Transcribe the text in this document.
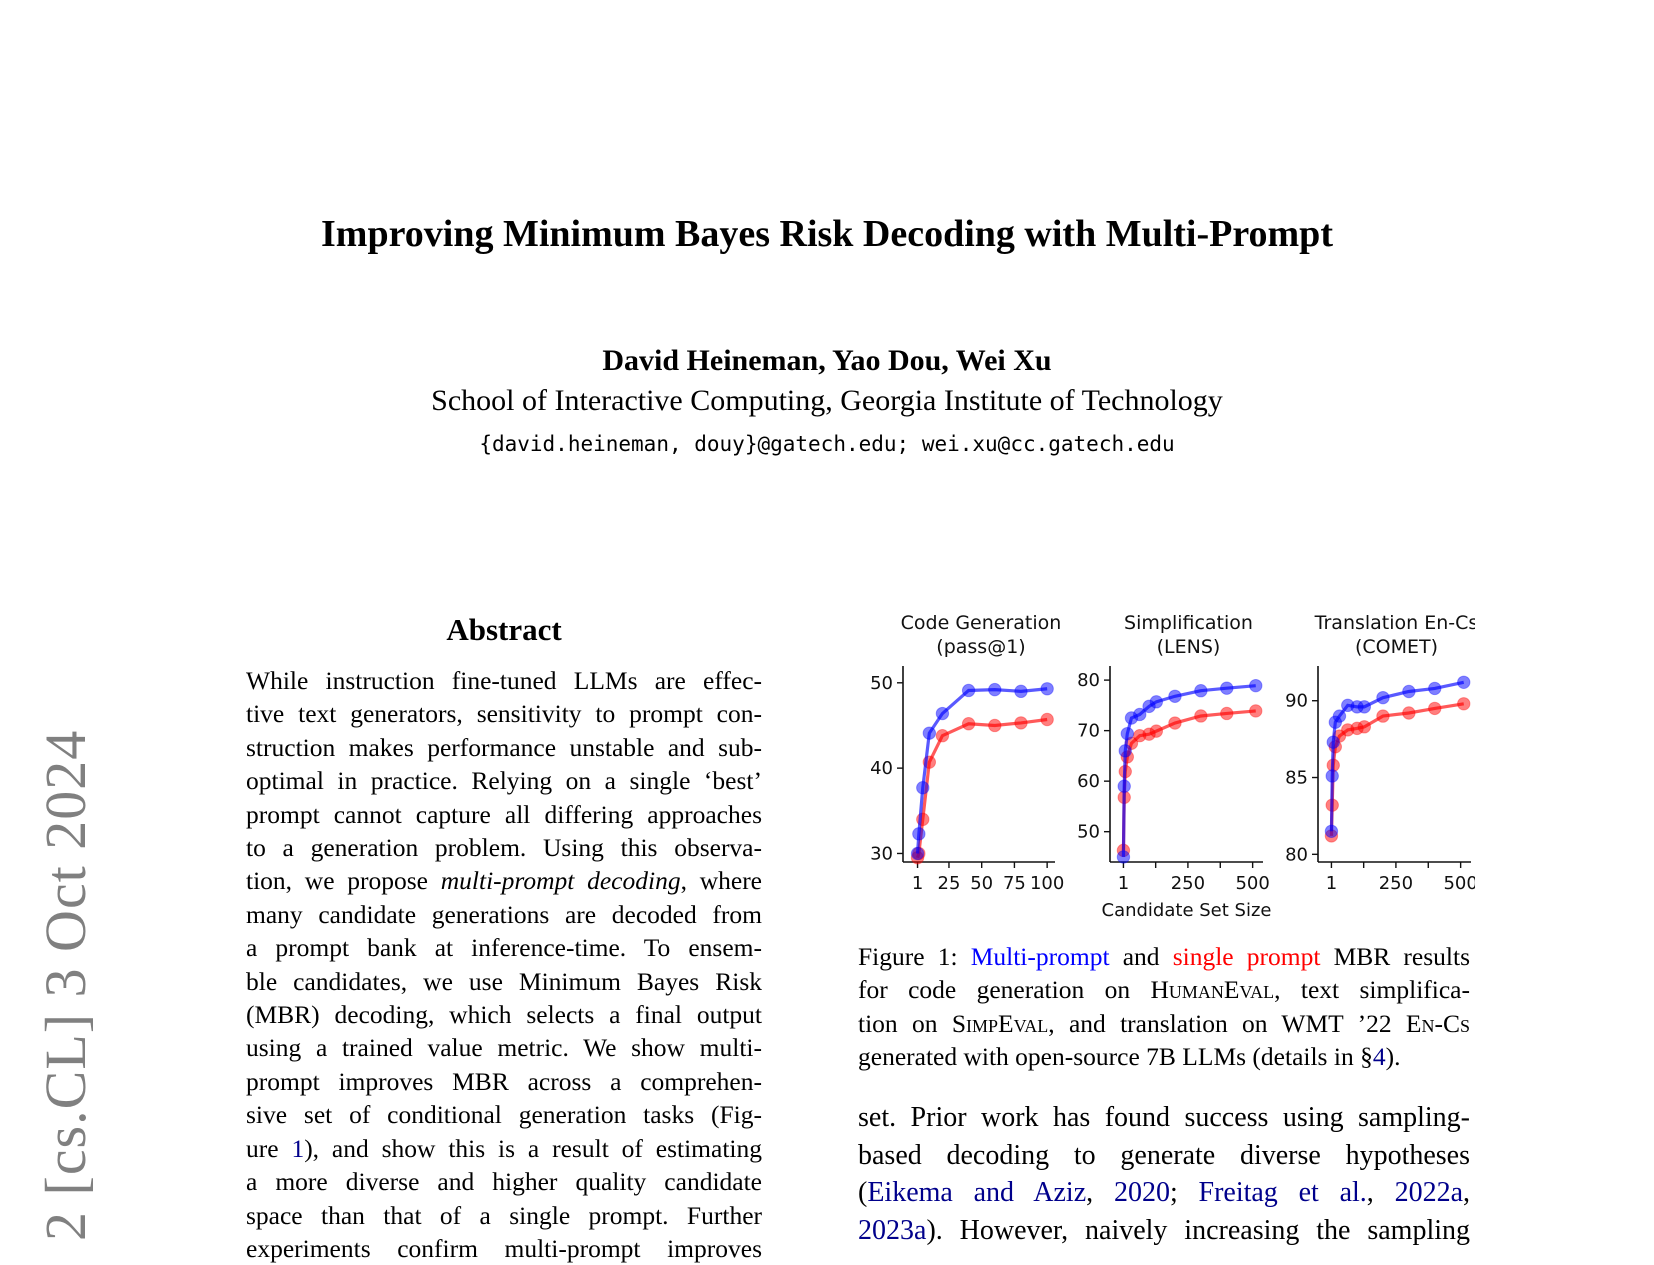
2 [cs.CL] 3 Oct 2024
Improving Minimum Bayes Risk Decoding with Multi-Prompt
David Heineman, Yao Dou, Wei Xu
School of Interactive Computing, Georgia Institute of Technology
{david.heineman, douy}@gatech.edu; wei.xu@cc.gatech.edu
Abstract
While instruction fine-tuned LLMs are effec-
tive text generators, sensitivity to prompt con-
struction makes performance unstable and sub-
optimal in practice. Relying on a single ‘best’
prompt cannot capture all differing approaches
to a generation problem. Using this observa-
tion, we propose multi-prompt decoding, where
many candidate generations are decoded from
a prompt bank at inference-time. To ensem-
ble candidates, we use Minimum Bayes Risk
(MBR) decoding, which selects a final output
using a trained value metric. We show multi-
prompt improves MBR across a comprehen-
sive set of conditional generation tasks (Fig-
ure 1), and show this is a result of estimating
a more diverse and higher quality candidate
space than that of a single prompt. Further
experiments confirm multi-prompt improves
Code Generation
(pass@1)
30
40
50
1 25 50 75 100
Simplification
(LENS)
50
60
70
80
1 250 500
Candidate Set Size
Translation En-Cs
(COMET)
80
85
90
1 250 500
Figure 1: Multi-prompt and single prompt MBR results
for code generation on HumanEval, text simplifica-
tion on SimpEval, and translation on WMT ’22 En-Cs
generated with open-source 7B LLMs (details in §4).
set. Prior work has found success using sampling-
based decoding to generate diverse hypotheses
(Eikema and Aziz, 2020; Freitag et al., 2022a,
2023a). However, naively increasing the sampling
